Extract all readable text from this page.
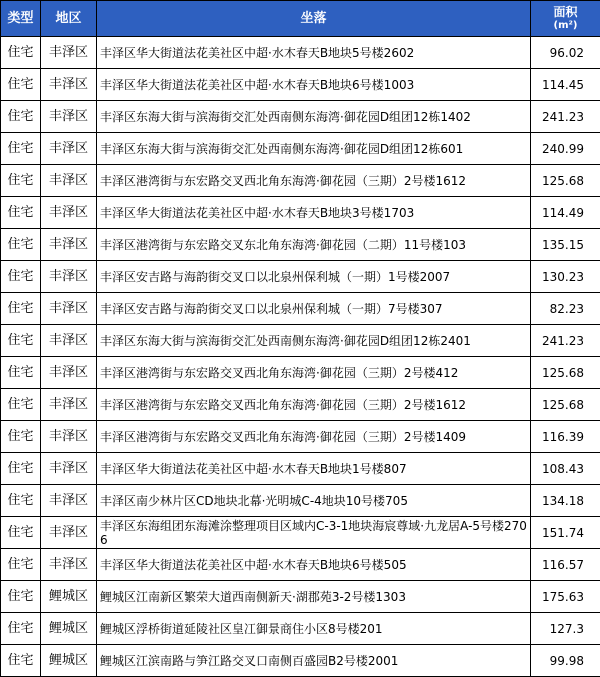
类型	地区	坐落	面积
(m²)

住宅	丰泽区	丰泽区华大街道法花美社区中超·水木春天B地块5号楼2602	96.02
住宅	丰泽区	丰泽区华大街道法花美社区中超·水木春天B地块6号楼1003	114.45
住宅	丰泽区	丰泽区东海大街与滨海街交汇处西南侧东海湾·御花园D组团12栋1402	241.23
住宅	丰泽区	丰泽区东海大街与滨海街交汇处西南侧东海湾·御花园D组团12栋601	240.99
住宅	丰泽区	丰泽区港湾街与东宏路交叉西北角东海湾·御花园（三期）2号楼1612	125.68
住宅	丰泽区	丰泽区华大街道法花美社区中超·水木春天B地块3号楼1703	114.49
住宅	丰泽区	丰泽区港湾街与东宏路交叉东北角东海湾·御花园（二期）11号楼103	135.15
住宅	丰泽区	丰泽区安吉路与海韵街交叉口以北泉州保利城（一期）1号楼2007	130.23
住宅	丰泽区	丰泽区安吉路与海韵街交叉口以北泉州保利城（一期）7号楼307	82.23
住宅	丰泽区	丰泽区东海大街与滨海街交汇处西南侧东海湾·御花园D组团12栋2401	241.23
住宅	丰泽区	丰泽区港湾街与东宏路交叉西北角东海湾·御花园（三期）2号楼412	125.68
住宅	丰泽区	丰泽区港湾街与东宏路交叉西北角东海湾·御花园（三期）2号楼1612	125.68
住宅	丰泽区	丰泽区港湾街与东宏路交叉西北角东海湾·御花园（三期）2号楼1409	116.39
住宅	丰泽区	丰泽区华大街道法花美社区中超·水木春天B地块1号楼807	108.43
住宅	丰泽区	丰泽区南少林片区CD地块北幕·光明城C-4地块10号楼705	134.18
住宅	丰泽区	丰泽区东海组团东海滩涂整理项目区域内C-3-1地块海宸尊域·九龙居A-5号楼2706	151.74
住宅	丰泽区	丰泽区华大街道法花美社区中超·水木春天B地块6号楼505	116.57
住宅	鲤城区	鲤城区江南新区繁荣大道西南侧新天·湖郡苑3-2号楼1303	175.63
住宅	鲤城区	鲤城区浮桥街道延陵社区皇冮御景商住小区8号楼201	127.3
住宅	鲤城区	鲤城区江滨南路与笋江路交叉口南侧百盛园B2号楼2001	99.98
